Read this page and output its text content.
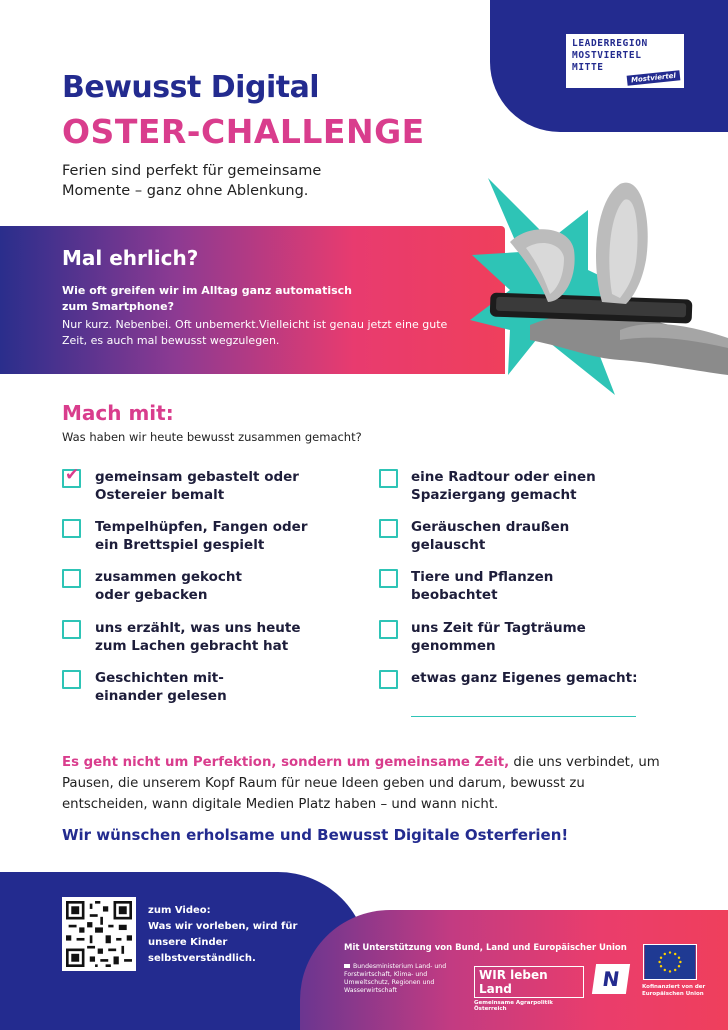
LEADERREGION
MOSTVIERTEL
MITTE
Mostviertel
Bewusst Digital
OSTER-CHALLENGE
Ferien sind perfekt für gemeinsame Momente – ganz ohne Ablenkung.
Mal ehrlich?
Wie oft greifen wir im Alltag ganz automatisch zum Smartphone?
Nur kurz. Nebenbei. Oft unbemerkt.Vielleicht ist genau jetzt eine gute Zeit, es auch mal bewusst wegzulegen.
Mach mit:
Was haben wir heute bewusst zusammen gemacht?
✔ gemeinsam gebastelt oder Ostereier bemalt
Tempelhüpfen, Fangen oder ein Brettspiel gespielt
zusammen gekocht oder gebacken
uns erzählt, was uns heute zum Lachen gebracht hat
Geschichten mit-einander gelesen
eine Radtour oder einen Spaziergang gemacht
Geräuschen draußen gelauscht
Tiere und Pflanzen beobachtet
uns Zeit für Tagträume genommen
etwas ganz Eigenes gemacht:
Es geht nicht um Perfektion, sondern um gemeinsame Zeit, die uns verbindet, um Pausen, die unserem Kopf Raum für neue Ideen geben und darum, bewusst zu entscheiden, wann digitale Medien Platz haben – und wann nicht.
Wir wünschen erholsame und Bewusst Digitale Osterferien!
zum Video:
Was wir vorleben, wird für unsere Kinder selbstverständlich.
Mit Unterstützung von Bund, Land und Europäischer Union
Bundesministerium Land- und Forstwirtschaft, Klima- und Umweltschutz, Regionen und Wasserwirtschaft
WIR leben Land
Gemeinsame Agrarpolitik Österreich
N	Kofinanziert von der Europäischen Union
